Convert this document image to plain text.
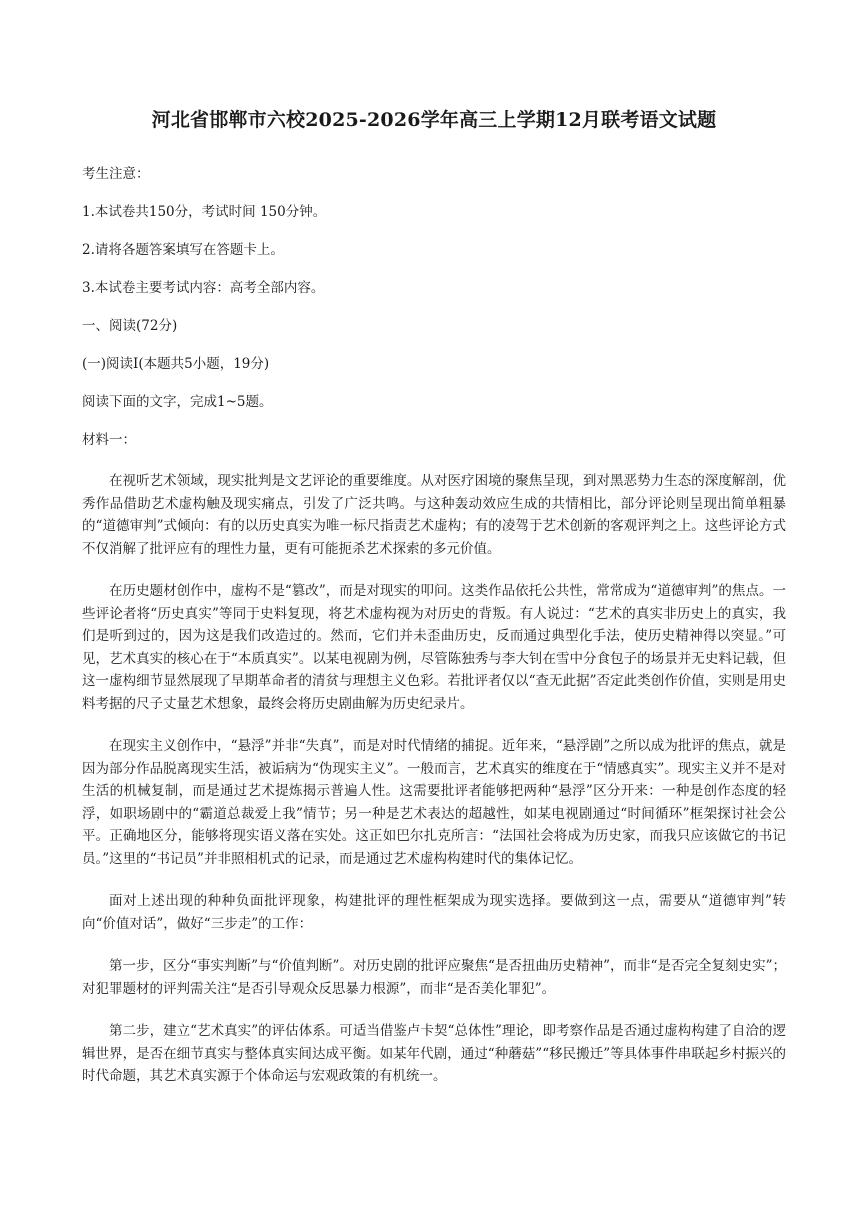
河北省邯郸市六校2025-2026学年高三上学期12月联考语文试题

考生注意：

1.本试卷共150分，考试时间 150分钟。

2.请将各题答案填写在答题卡上。

3.本试卷主要考试内容：高考全部内容。

一、阅读(72分)

(一)阅读Ⅰ(本题共5小题，19分)

阅读下面的文字，完成1~5题。

材料一：

在视听艺术领域，现实批判是文艺评论的重要维度。从对医疗困境的聚焦呈现，到对黑恶势力生态的深度解剖，优秀作品借助艺术虚构触及现实痛点，引发了广泛共鸣。与这种轰动效应生成的共情相比，部分评论则呈现出简单粗暴的“道德审判”式倾向：有的以历史真实为唯一标尺指责艺术虚构；有的凌驾于艺术创新的客观评判之上。这些评论方式不仅消解了批评应有的理性力量，更有可能扼杀艺术探索的多元价值。

在历史题材创作中，虚构不是“篡改”，而是对现实的叩问。这类作品依托公共性，常常成为“道德审判”的焦点。一些评论者将“历史真实”等同于史料复现，将艺术虚构视为对历史的背叛。有人说过：“艺术的真实非历史上的真实，我们是听到过的，因为这是我们改造过的。然而，它们并未歪曲历史，反而通过典型化手法，使历史精神得以突显。”可见，艺术真实的核心在于“本质真实”。以某电视剧为例，尽管陈独秀与李大钊在雪中分食包子的场景并无史料记载，但这一虚构细节显然展现了早期革命者的清贫与理想主义色彩。若批评者仅以“查无此据”否定此类创作价值，实则是用史料考据的尺子丈量艺术想象，最终会将历史剧曲解为历史纪录片。

在现实主义创作中，“悬浮”并非“失真”，而是对时代情绪的捕捉。近年来，“悬浮剧”之所以成为批评的焦点，就是因为部分作品脱离现实生活，被诟病为“伪现实主义”。一般而言，艺术真实的维度在于“情感真实”。现实主义并不是对生活的机械复制，而是通过艺术提炼揭示普遍人性。这需要批评者能够把两种“悬浮”区分开来：一种是创作态度的轻浮，如职场剧中的“霸道总裁爱上我”情节；另一种是艺术表达的超越性，如某电视剧通过“时间循环”框架探讨社会公平。正确地区分，能够将现实语义落在实处。这正如巴尔扎克所言：“法国社会将成为历史家，而我只应该做它的书记员。”这里的“书记员”并非照相机式的记录，而是通过艺术虚构构建时代的集体记忆。

面对上述出现的种种负面批评现象，构建批评的理性框架成为现实选择。要做到这一点，需要从“道德审判”转向“价值对话”，做好“三步走”的工作：

第一步，区分“事实判断”与“价值判断”。对历史剧的批评应聚焦“是否扭曲历史精神”，而非“是否完全复刻史实”；对犯罪题材的评判需关注“是否引导观众反思暴力根源”，而非“是否美化罪犯”。

第二步，建立“艺术真实”的评估体系。可适当借鉴卢卡契“总体性”理论，即考察作品是否通过虚构构建了自洽的逻辑世界，是否在细节真实与整体真实间达成平衡。如某年代剧，通过“种蘑菇”“移民搬迁”等具体事件串联起乡村振兴的时代命题，其艺术真实源于个体命运与宏观政策的有机统一。
